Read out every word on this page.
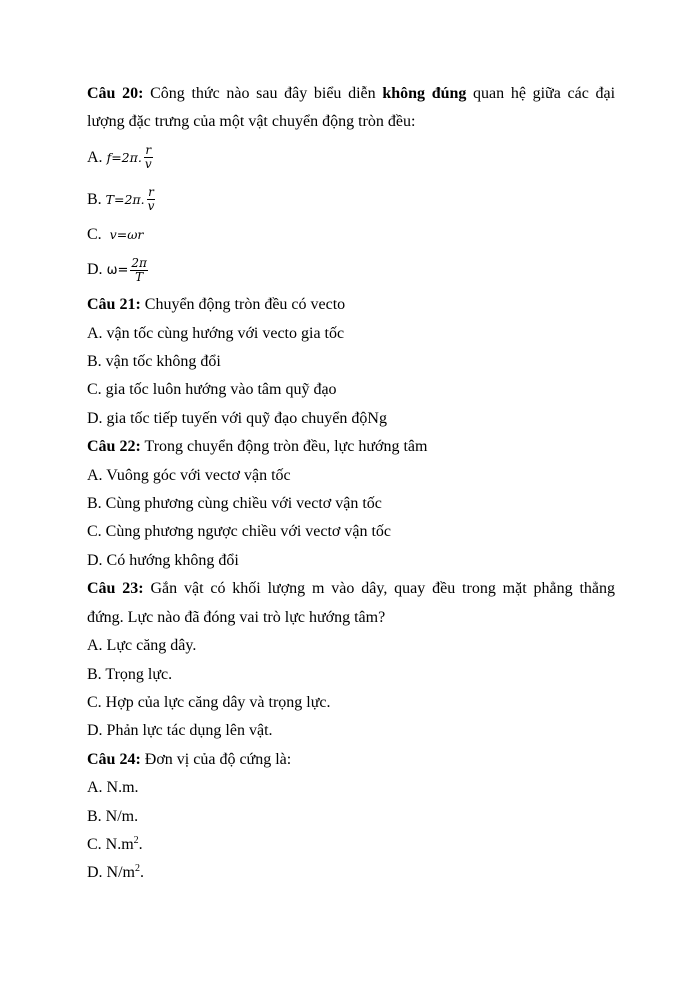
Câu 20: Công thức nào sau đây biểu diễn không đúng quan hệ giữa các đại
lượng đặc trưng của một vật chuyển động tròn đều:
A.
f=2π. $\frac{r}{v}$
B.
T=2π. $\frac{r}{v}$
C.  v=ωr
D.
$\omega= \frac{2\pi}{T}$
Câu 21: Chuyển động tròn đều có vecto
A. vận tốc cùng hướng với vecto gia tốc
B. vận tốc không đổi
C. gia tốc luôn hướng vào tâm quỹ đạo
D. gia tốc tiếp tuyến với quỹ đạo chuyển độNg
Câu 22: Trong chuyển động tròn đều, lực hướng tâm
A. Vuông góc với vectơ vận tốc
B. Cùng phương cùng chiều với vectơ vận tốc
C. Cùng phương ngược chiều với vectơ vận tốc
D. Có hướng không đổi
Câu 23: Gắn vật có khối lượng m vào dây, quay đều trong mặt phẳng thẳng
đứng. Lực nào đã đóng vai trò lực hướng tâm?
A. Lực căng dây.
B. Trọng lực.
C. Hợp của lực căng dây và trọng lực.
D. Phản lực tác dụng lên vật.
Câu 24: Đơn vị của độ cứng là:
A. N.m.
B. N/m.
C. $N.m^2$.
D. $N/m^2$.
